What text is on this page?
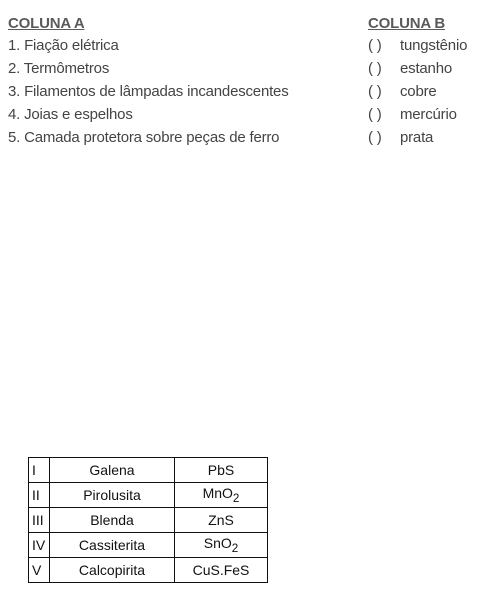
COLUNA A
1. Fiação elétrica
2. Termômetros
3. Filamentos de lâmpadas incandescentes
4. Joias e espelhos
5. Camada protetora sobre peças de ferro
COLUNA B
( ) tungstênio
( ) estanho
( ) cobre
( ) mercúrio
( ) prata
I	Galena	PbS
II	Pirolusita	MnO$_2$
III	Blenda	ZnS
IV	Cassiterita	SnO$_2$
V	Calcopirita	CuS.FeS
